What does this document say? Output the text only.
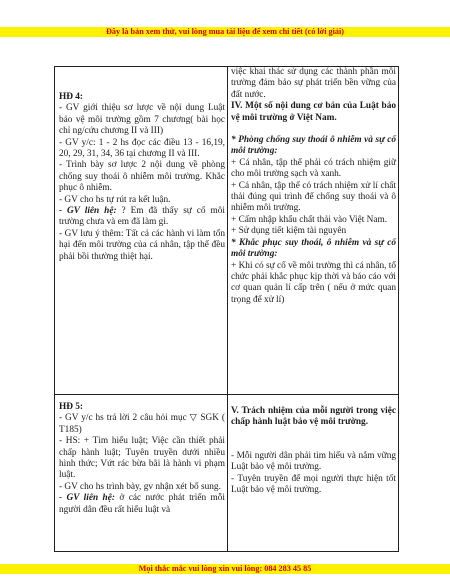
Đây là bản xem thử, vui lòng mua tài liệu để xem chi tiết (có lời giải)

HĐ 4:

- GV giới thiệu sơ lược về nội dung Luật bảo vệ môi trường gồm 7 chương( bài học chỉ ng/cứu chương II và III)

- GV y/c: 1 - 2 hs đọc các điều 13 - 16,19, 20, 29, 31, 34, 36 tại chương II và III.

- Trình bày sơ lược 2 nội dung về phòng chống suy thoái ô nhiễm môi trường. Khắc phục ô nhiễm.

- GV cho hs tự rút ra kết luận.

- GV liên hệ: ? Em đã thấy sự cố môi trường chưa và em đã làm gì.

- GV lưu ý thêm: Tất cả các hành vi làm tổn hại đến môi trường của cá nhân, tập thể đều phải bồi thường thiệt hại.

việc khai thác sử dụng các thành phần môi trường đảm bảo sự phát triển bền vững của đất nước.

IV. Một số nội dung cơ bản của Luật bảo vệ môi trường ở Việt Nam.

* Phòng chống suy thoái ô nhiễm và sự cố môi trường:

+ Cá nhân, tập thể phải có trách nhiệm giữ cho môi trường sạch và xanh.

+ Cá nhân, tập thể có trách nhiệm xử lí chất thải đúng qui trình để chống suy thoái và ô nhiễm môi trường.

+ Cấm nhập khẩu chất thải vào Việt Nam.

+ Sử dụng tiết kiệm tài nguyên

* Khắc phục suy thoái, ô nhiễm và sự cố môi trường:

+ Khi có sự cố về môi trường thì cá nhân, tổ chức phải khắc phục kịp thời và báo cáo với cơ quan quản lí cấp trên ( nếu ở mức quan trọng để xử lí)

HĐ 5:

- GV y/c hs trả lời 2 câu hỏi mục ▽ SGK ( T185)

- HS: + Tìm hiểu luật; Việc cần thiết phải chấp hành luật; Tuyên truyền dưới nhiều hình thức; Vứt rác bừa bãi là hành vi phạm luật.

- GV cho hs trình bày, gv nhận xét bổ sung.

- GV liên hệ: ở các nước phát triển mỗi người dân đều rất hiểu luật và

V. Trách nhiệm của mỗi người trong việc chấp hành luật bảo vệ môi trường.

- Mỗi người dân phải tìm hiểu và nắm vững Luật bảo vệ môi trường.

- Tuyên truyền để mọi người thực hiện tốt Luật bảo vệ môi trường.

Mọi thắc mắc vui lòng xin vui lòng: 084 283 45 85
